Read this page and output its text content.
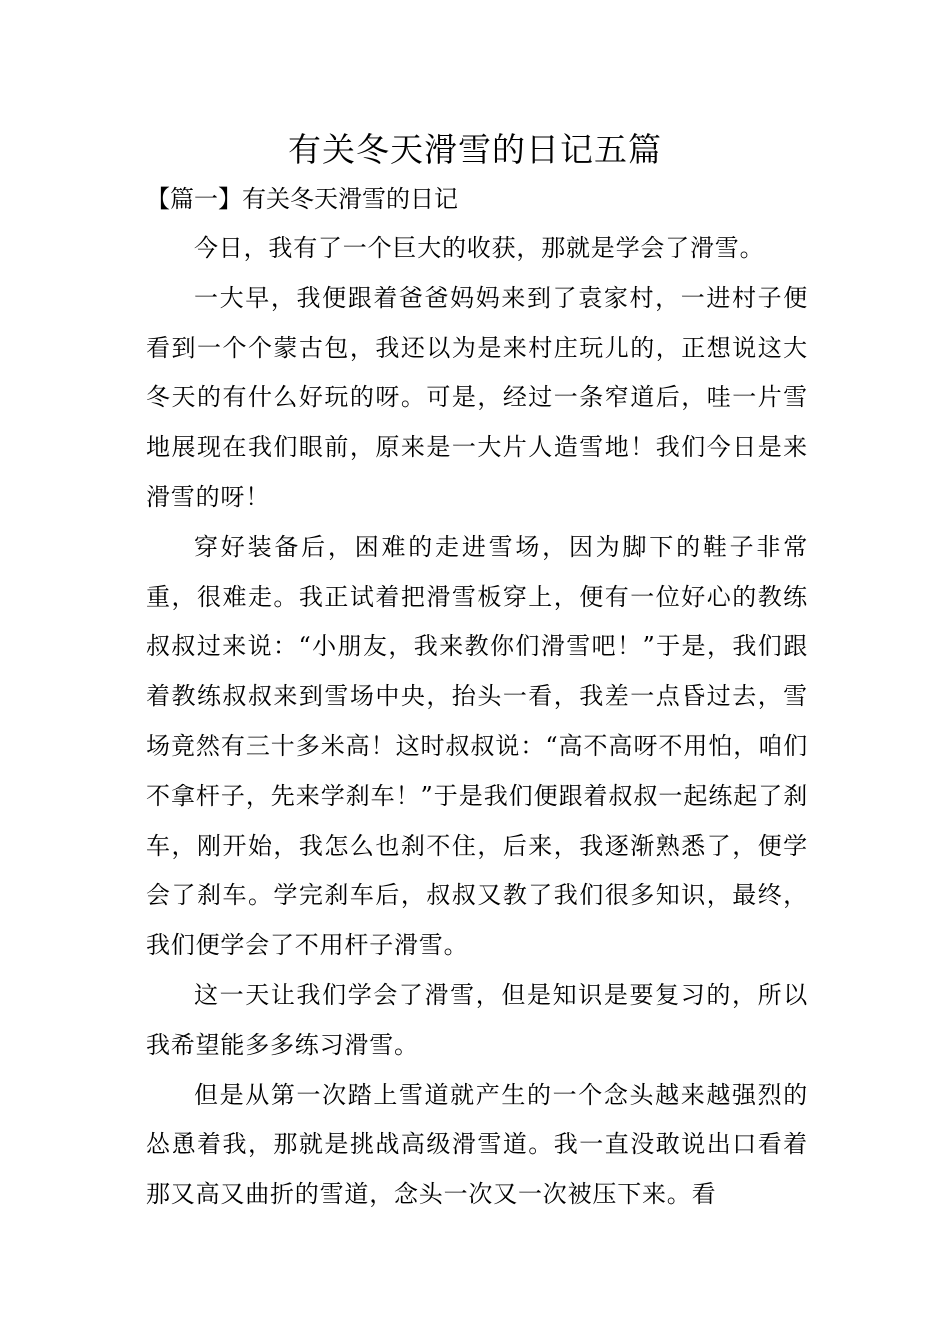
有关冬天滑雪的日记五篇

【篇一】有关冬天滑雪的日记

今日，我有了一个巨大的收获，那就是学会了滑雪。

一大早，我便跟着爸爸妈妈来到了袁家村，一进村子便看到一个个蒙古包，我还以为是来村庄玩儿的，正想说这大冬天的有什么好玩的呀。可是，经过一条窄道后，哇一片雪地展现在我们眼前，原来是一大片人造雪地！我们今日是来滑雪的呀！

穿好装备后，困难的走进雪场，因为脚下的鞋子非常重，很难走。我正试着把滑雪板穿上，便有一位好心的教练叔叔过来说：“小朋友，我来教你们滑雪吧！”于是，我们跟着教练叔叔来到雪场中央，抬头一看，我差一点昏过去，雪场竟然有三十多米高！这时叔叔说：“高不高呀不用怕，咱们不拿杆子，先来学刹车！”于是我们便跟着叔叔一起练起了刹车，刚开始，我怎么也刹不住，后来，我逐渐熟悉了，便学会了刹车。学完刹车后，叔叔又教了我们很多知识，最终，我们便学会了不用杆子滑雪。

这一天让我们学会了滑雪，但是知识是要复习的，所以我希望能多多练习滑雪。

但是从第一次踏上雪道就产生的一个念头越来越强烈的怂恿着我，那就是挑战高级滑雪道。我一直没敢说出口看着那又高又曲折的雪道，念头一次又一次被压下来。看
